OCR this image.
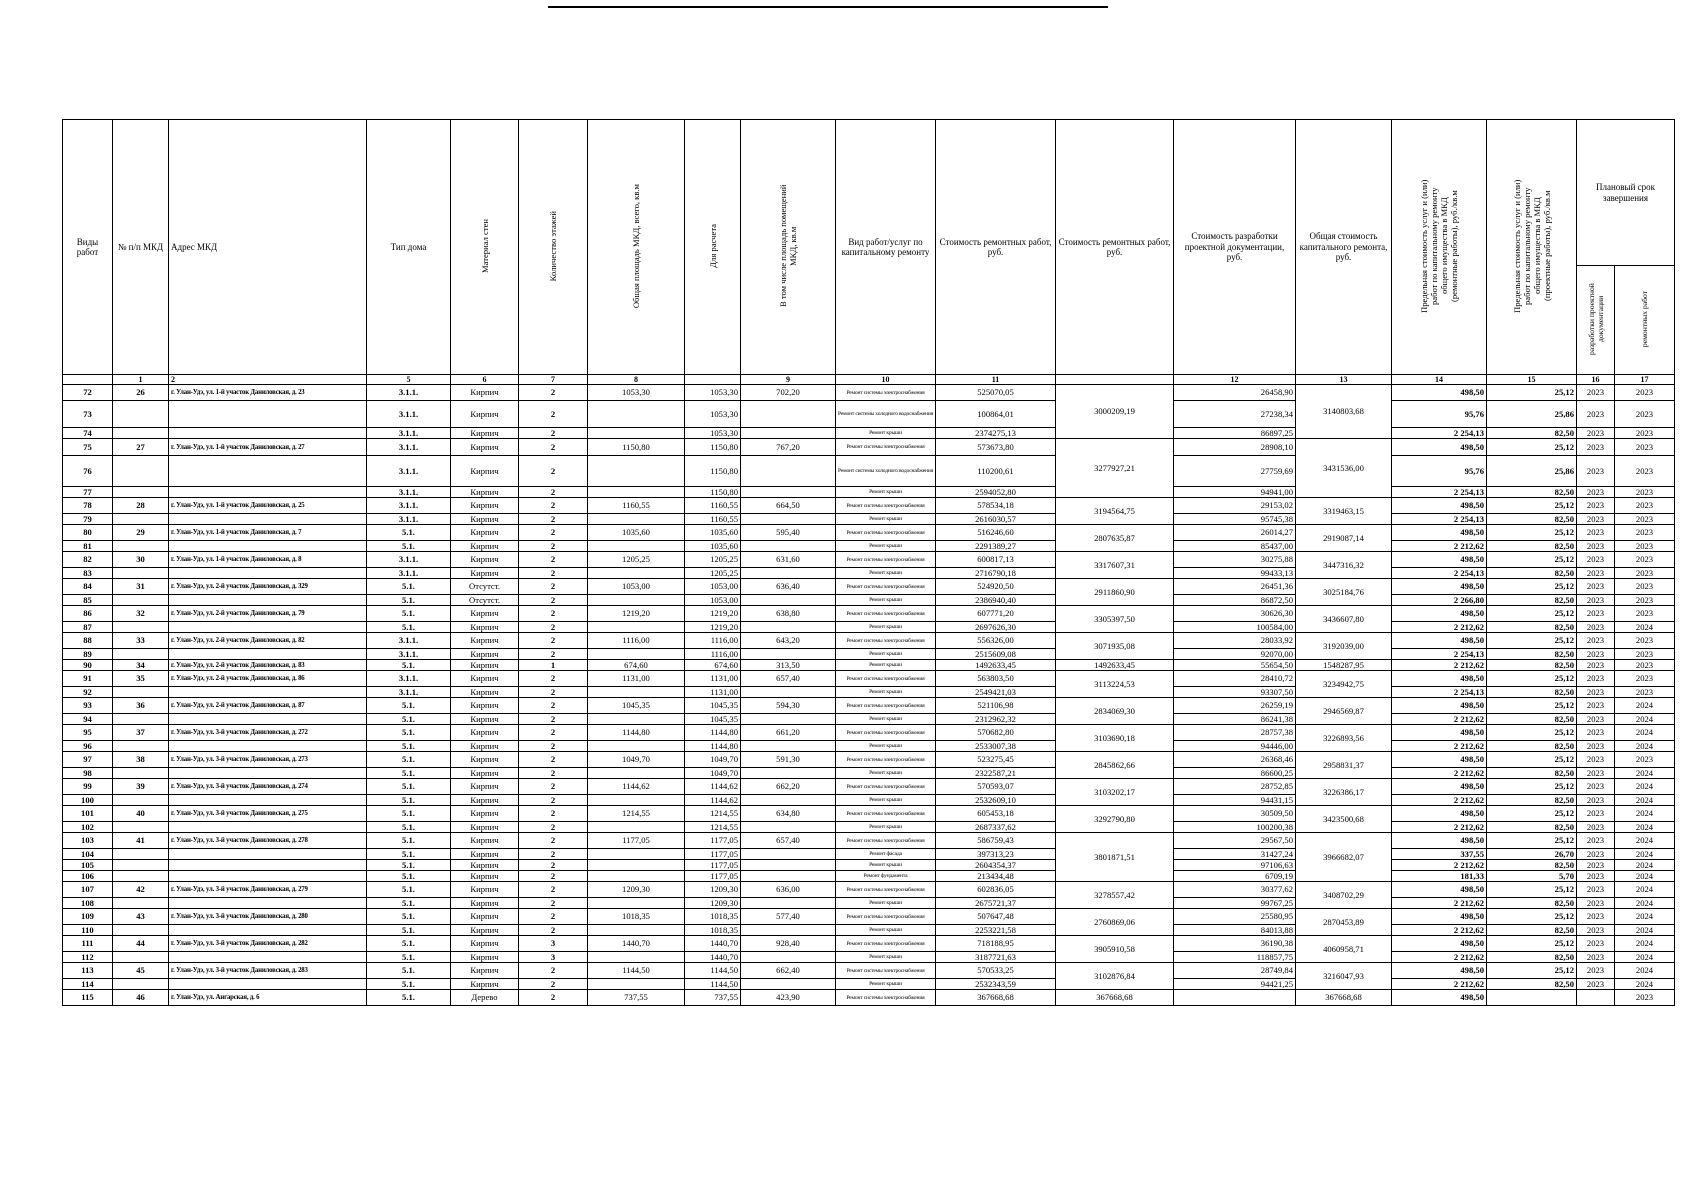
Виды работ	№ п/п МКД	Адрес МКД	Тип дома	Материал стен	Количество этажей	Общая площадь МКД, всего, кв.м	Для расчета	В том числе площадь помещений МКД, кв.м	Вид работ/услуг по капитальному ремонту	Стоимость ремонтных работ, руб.	Стоимость ремонтных работ, руб.	Стоимость разработки проектной документации, руб.	Общая стоимость капитального ремонта, руб.	Предельная стоимость услуг и (или) работ по капитальному ремонту общего имущества в МКД (ремонтные работы), руб./кв.м	Предельная стоимость услуг и (или) работ по капитальному ремонту общего имущества в МКД (проектные работы), руб./кв.м	Плановый срок завершения	
																разработки проектной документации	ремонтных работ
	1	2	5	6	7	8		9	10	11		12	13	14	15	16	17
72	26	г. Улан-Удэ, ул. 1-й участок Даниловская, д. 23	3.1.1.	Кирпич	2	1053,30	1053,30	702,20	Ремонт системы электроснабжения	525070,05	3000209,19	26458,90	3140803,68	498,50	25,12	2023	2023
73			3.1.1.	Кирпич	2		1053,30		Ремонт системы холодного водоснабжения	100864,01		27238,34		95,76	25,86	2023	2023
74			3.1.1.	Кирпич	2		1053,30		Ремонт крыши	2374275,13		86897,25		2 254,13	82,50	2023	2023
75	27	г. Улан-Удэ, ул. 1-й участок Даниловская, д. 27	3.1.1.	Кирпич	2	1150,80	1150,80	767,20	Ремонт системы электроснабжения	573673,80	3277927,21	28908,10	3431536,00	498,50	25,12	2023	2023
76			3.1.1.	Кирпич	2		1150,80		Ремонт системы холодного водоснабжения	110200,61		27759,69		95,76	25,86	2023	2023
77			3.1.1.	Кирпич	2		1150,80		Ремонт крыши	2594052,80		94941,00		2 254,13	82,50	2023	2023
78	28	г. Улан-Удэ, ул. 1-й участок Даниловская, д. 25	3.1.1.	Кирпич	2	1160,55	1160,55	664,50	Ремонт системы электроснабжения	578534,18	3194564,75	29153,02	3319463,15	498,50	25,12	2023	2023
79			3.1.1.	Кирпич	2		1160,55		Ремонт крыши	2616030,57		95745,38		2 254,13	82,50	2023	2023
80	29	г. Улан-Удэ, ул. 1-й участок Даниловская, д. 7	5.1.	Кирпич	2	1035,60	1035,60	595,40	Ремонт системы электроснабжения	516246,60	2807635,87	26014,27	2919087,14	498,50	25,12	2023	2023
81			5.1.	Кирпич	2		1035,60		Ремонт крыши	2291389,27		85437,00		2 212,62	82,50	2023	2023
82	30	г. Улан-Удэ, ул. 1-й участок Даниловская, д. 8	3.1.1.	Кирпич	2	1205,25	1205,25	631,60	Ремонт системы электроснабжения	600817,13	3317607,31	30275,88	3447316,32	498,50	25,12	2023	2023
83			3.1.1.	Кирпич	2		1205,25		Ремонт крыши	2716790,18		99433,13		2 254,13	82,50	2023	2023
84	31	г. Улан-Удэ, ул. 2-й участок Даниловская, д. 329	5.1.	Отсутст.	2	1053,00	1053,00	636,40	Ремонт системы электроснабжения	524920,50	2911860,90	26451,36	3025184,76	498,50	25,12	2023	2023
85			5.1.	Отсутст.	2		1053,00		Ремонт крыши	2386940,40		86872,50		2 266,80	82,50	2023	2023
86	32	г. Улан-Удэ, ул. 2-й участок Даниловская, д. 79	5.1.	Кирпич	2	1219,20	1219,20	638,80	Ремонт системы электроснабжения	607771,20	3305397,50	30626,30	3436607,80	498,50	25,12	2023	2023
87			5.1.	Кирпич	2		1219,20		Ремонт крыши	2697626,30		100584,00		2 212,62	82,50	2023	2024
88	33	г. Улан-Удэ, ул. 2-й участок Даниловская, д. 82	3.1.1.	Кирпич	2	1116,00	1116,00	643,20	Ремонт системы электроснабжения	556326,00	3071935,08	28033,92	3192039,00	498,50	25,12	2023	2023
89			3.1.1.	Кирпич	2		1116,00		Ремонт крыши	2515609,08		92070,00		2 254,13	82,50	2023	2023
90	34	г. Улан-Удэ, ул. 2-й участок Даниловская, д. 83	5.1.	Кирпич	1	674,60	674,60	313,50	Ремонт крыши	1492633,45	1492633,45	55654,50	1548287,95	2 212,62	82,50	2023	2023
91	35	г. Улан-Удэ, ул. 2-й участок Даниловская, д. 86	3.1.1.	Кирпич	2	1131,00	1131,00	657,40	Ремонт системы электроснабжения	563803,50	3113224,53	28410,72	3234942,75	498,50	25,12	2023	2023
92			3.1.1.	Кирпич	2		1131,00		Ремонт крыши	2549421,03		93307,50		2 254,13	82,50	2023	2023
93	36	г. Улан-Удэ, ул. 2-й участок Даниловская, д. 87	5.1.	Кирпич	2	1045,35	1045,35	594,30	Ремонт системы электроснабжения	521106,98	2834069,30	26259,19	2946569,87	498,50	25,12	2023	2024
94			5.1.	Кирпич	2		1045,35		Ремонт крыши	2312962,32		86241,38		2 212,62	82,50	2023	2024
95	37	г. Улан-Удэ, ул. 3-й участок Даниловская, д. 272	5.1.	Кирпич	2	1144,80	1144,80	661,20	Ремонт системы электроснабжения	570682,80	3103690,18	28757,38	3226893,56	498,50	25,12	2023	2024
96			5.1.	Кирпич	2		1144,80		Ремонт крыши	2533007,38		94446,00		2 212,62	82,50	2023	2024
97	38	г. Улан-Удэ, ул. 3-й участок Даниловская, д. 273	5.1.	Кирпич	2	1049,70	1049,70	591,30	Ремонт системы электроснабжения	523275,45	2845862,66	26368,46	2958831,37	498,50	25,12	2023	2023
98			5.1.	Кирпич	2		1049,70		Ремонт крыши	2322587,21		86600,25		2 212,62	82,50	2023	2024
99	39	г. Улан-Удэ, ул. 3-й участок Даниловская, д. 274	5.1.	Кирпич	2	1144,62	1144,62	662,20	Ремонт системы электроснабжения	570593,07	3103202,17	28752,85	3226386,17	498,50	25,12	2023	2024
100			5.1.	Кирпич	2		1144,62		Ремонт крыши	2532609,10		94431,15		2 212,62	82,50	2023	2024
101	40	г. Улан-Удэ, ул. 3-й участок Даниловская, д. 275	5.1.	Кирпич	2	1214,55	1214,55	634,80	Ремонт системы электроснабжения	605453,18	3292790,80	30509,50	3423500,68	498,50	25,12	2023	2024
102			5.1.	Кирпич	2		1214,55		Ремонт крыши	2687337,62		100200,38		2 212,62	82,50	2023	2024
103	41	г. Улан-Удэ, ул. 3-й участок Даниловская, д. 278	5.1.	Кирпич	2	1177,05	1177,05	657,40	Ремонт системы электроснабжения	586759,43	3801871,51	29567,50	3966682,07	498,50	25,12	2023	2024
104			5.1.	Кирпич	2		1177,05		Ремонт фасада	397313,23		31427,24		337,55	26,70	2023	2024
105			5.1.	Кирпич	2		1177,05		Ремонт крыши	2604354,37		97106,63		2 212,62	82,50	2023	2024
106			5.1.	Кирпич	2		1177,05		Ремонт фундамента	213434,48		6709,19		181,33	5,70	2023	2024
107	42	г. Улан-Удэ, ул. 3-й участок Даниловская, д. 279	5.1.	Кирпич	2	1209,30	1209,30	636,00	Ремонт системы электроснабжения	602836,05	3278557,42	30377,62	3408702,29	498,50	25,12	2023	2024
108			5.1.	Кирпич	2		1209,30		Ремонт крыши	2675721,37		99767,25		2 212,62	82,50	2023	2024
109	43	г. Улан-Удэ, ул. 3-й участок Даниловская, д. 280	5.1.	Кирпич	2	1018,35	1018,35	577,40	Ремонт системы электроснабжения	507647,48	2760869,06	25580,95	2870453,89	498,50	25,12	2023	2024
110			5.1.	Кирпич	2		1018,35		Ремонт крыши	2253221,58		84013,88		2 212,62	82,50	2023	2024
111	44	г. Улан-Удэ, ул. 3-й участок Даниловская, д. 282	5.1.	Кирпич	3	1440,70	1440,70	928,40	Ремонт системы электроснабжения	718188,95	3905910,58	36190,38	4060958,71	498,50	25,12	2023	2024
112			5.1.	Кирпич	3		1440,70		Ремонт крыши	3187721,63		118857,75		2 212,62	82,50	2023	2024
113	45	г. Улан-Удэ, ул. 3-й участок Даниловская, д. 283	5.1.	Кирпич	2	1144,50	1144,50	662,40	Ремонт системы электроснабжения	570533,25	3102876,84	28749,84	3216047,93	498,50	25,12	2023	2024
114			5.1.	Кирпич	2		1144,50		Ремонт крыши	2532343,59		94421,25		2 212,62	82,50	2023	2024
115	46	г. Улан-Удэ, ул. Ангарская, д. 6	5.1.	Дерево	2	737,55	737,55	423,90	Ремонт системы электроснабжения	367668,68	367668,68		367668,68	498,50			2023
